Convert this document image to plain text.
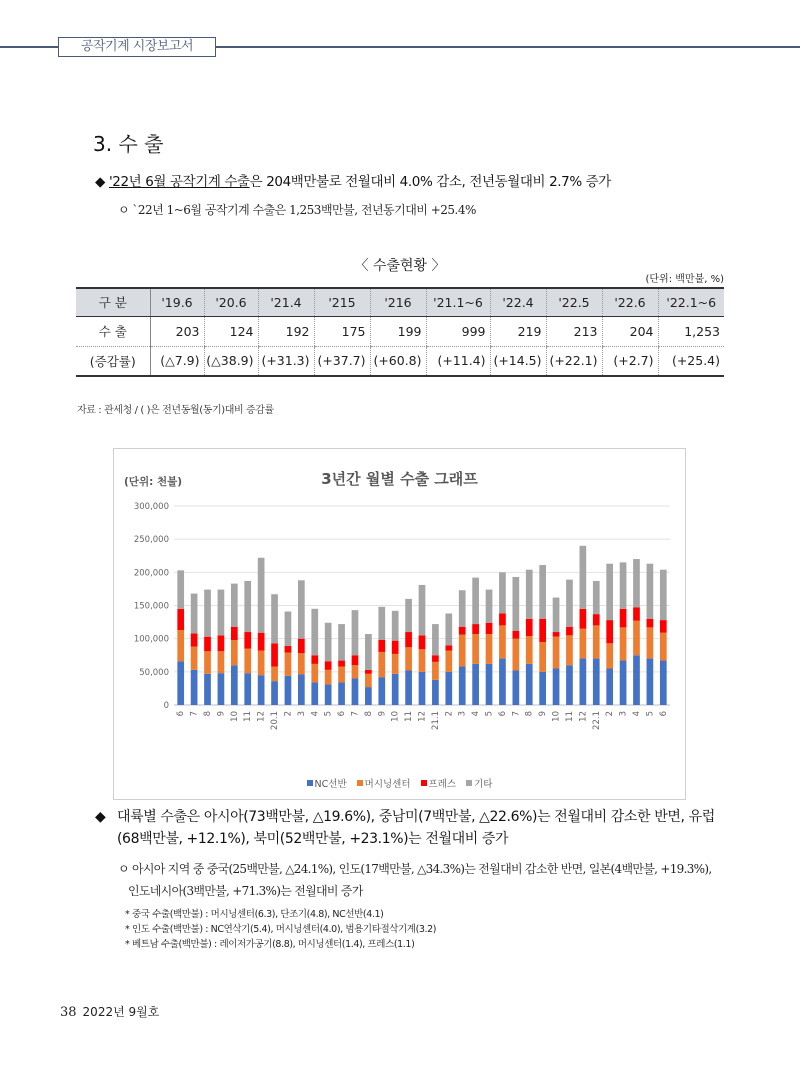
공작기계 시장보고서
3. 수 출
◆ '22년 6월 공작기계 수출은 204백만불로 전월대비 4.0% 감소, 전년동월대비 2.7% 증가
ㅇ `22년 1~6월 공작기계 수출은 1,253백만불, 전년동기대비 +25.4%
〈 수출현황 〉
(단위: 백만불, %)
구 분	'19.6	'20.6	'21.4	'215	'216	'21.1~6	'22.4	'22.5	'22.6	'22.1~6
수 출	203	124	192	175	199	999	219	213	204	1,253
(증감률)	(△7.9)	(△38.9)	(+31.3)	(+37.7)	(+60.8)	(+11.4)	(+14.5)	(+22.1)	(+2.7)	(+25.4)
자료 : 관세청 / ( )은 전년동월(동기)대비 증감률
3년간 월별 수출 그래프
(단위: 천불)
0
50,000
100,000
150,000
200,000
250,000
300,000
6 7 8 9 10 11 12 20.1 2 3 4 5 6 7 8 9 10 11 12 21.1 2 3 4 5 6 7 8 9 10 11 12 22.1 2 3 4 5 6
NC선반 머시닝센터 프레스 기타
◆ 대륙별 수출은 아시아(73백만불, △19.6%), 중남미(7백만불, △22.6%)는 전월대비 감소한 반면, 유럽
(68백만불, +12.1%), 북미(52백만불, +23.1%)는 전월대비 증가
ㅇ 아시아 지역 중 중국(25백만불, △24.1%), 인도(17백만불, △34.3%)는 전월대비 감소한 반면, 일본(4백만불, +19.3%),
인도네시아(3백만불, +71.3%)는 전월대비 증가
* 중국 수출(백만불) : 머시닝센터(6.3), 단조기(4.8), NC선반(4.1)
* 인도 수출(백만불) : NC연삭기(5.4), 머시닝센터(4.0), 범용기타절삭기계(3.2)
* 베트남 수출(백만불) : 레이저가공기(8.8), 머시닝센터(1.4), 프레스(1.1)
38 2022년 9월호
